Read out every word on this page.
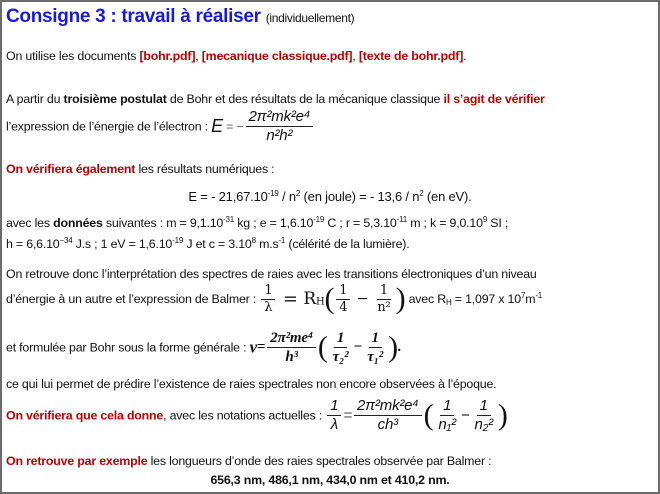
Consigne 3 : travail à réaliser (individuellement)
On utilise les documents [bohr.pdf], [mecanique classique.pdf], [texte de bohr.pdf].
A partir du troisième postulat de Bohr et des résultats de la mécanique classique il s’agit de vérifier
l’expression de l’énergie de l’électron : E = − $\frac{\text{2π²mk²e⁴}}{\text{n²h²}}$
On vérifiera également les résultats numériques :
E = - $21,67.10^{-19} / n^2$ (en joule) = - $13,6 / n^2$ (en eV).
avec les données suivantes : $m = 9,1.10^{-31}$ kg ; $e = 1,6.10^{-19}$ C ; $r = 5,3.10^{-11}$ m ; $k = 9,0.10^9$ SI ;
$h = 6,6.10^{-34}$ J.s ; 1 eV = $1,6.10^{-19}$ J et $c = 3.10^8$ $m.s^{-1}$ (célérité de la lumière).
On retrouve donc l’interprétation des spectres de raies avec les transitions électroniques d’un niveau
d’énergie à un autre et l’expression de Balmer : $\frac{1}{\lambda} = R_H( \frac{1}{4} - \frac{1}{\text{n²}}$ ) avec $R_H = 1,097$ x $10^7m^{-1}$
et formulée par Bohr sous la forme générale : $\nu= \frac{\text{2π²me⁴}}{\text{h³}}$ ( $\frac{1}{\text{τ₂²}} - \frac{1}{\text{τ₁²}}$ ).
ce qui lui permet de prédire l’existence de raies spectrales non encore observées à l’époque.
On vérifiera que cela donne, avec les notations actuelles : $\frac{1}{\lambda} = \frac{\text{2π²mk²e⁴}}{\text{ch³}}$ ( $\frac{1}{\text{n₁²}} - \frac{1}{\text{n₂²}}$ )
On retrouve par exemple les longueurs d’onde des raies spectrales observée par Balmer :
656,3 nm, 486,1 nm, 434,0 nm et 410,2 nm.
